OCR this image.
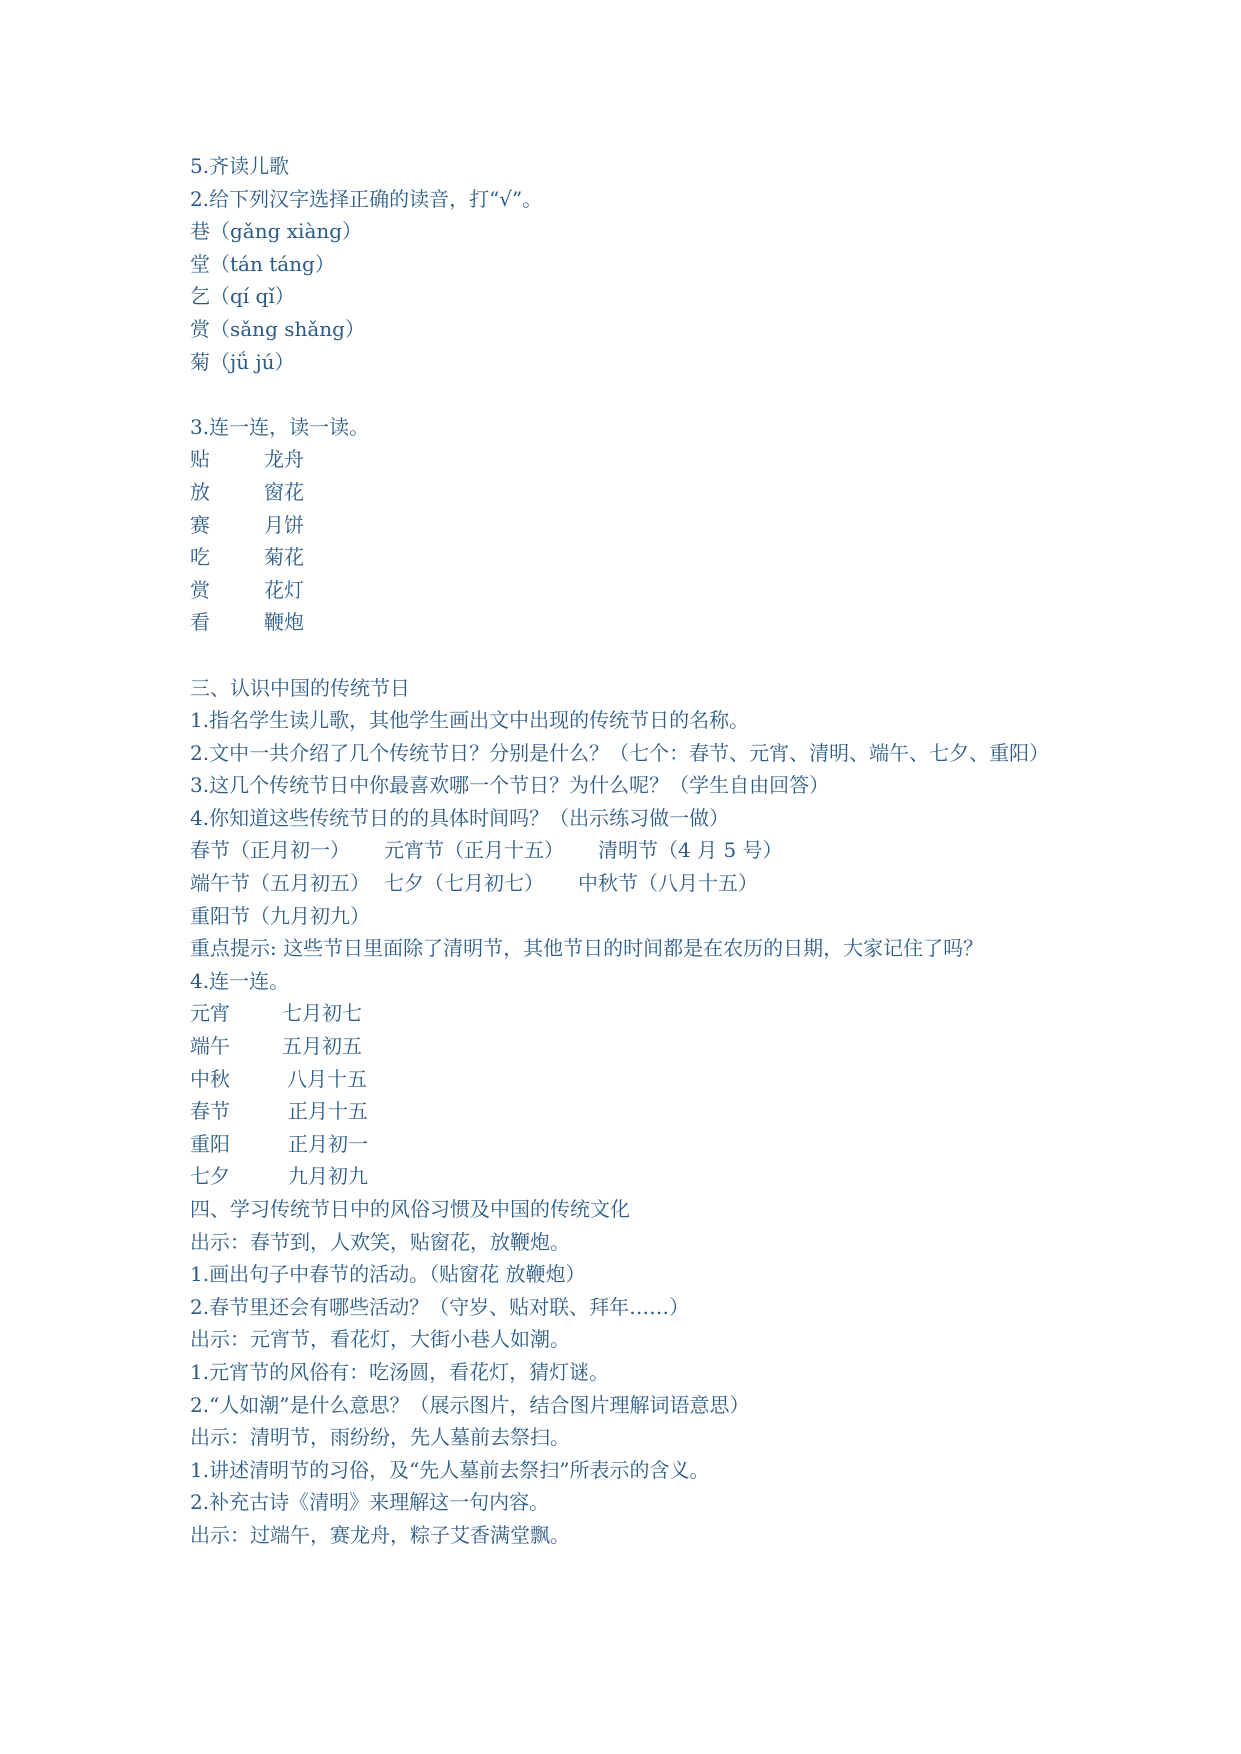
5.齐读儿歌
2.给下列汉字选择正确的读音，打“√”。
巷（gǎng xiàng）
堂（tán táng）
乞（qí qǐ）
赏（sǎng shǎng）
菊（jǘ jú）
3.连一连，读一读。
贴	龙舟
放	窗花
赛	月饼
吃	菊花
赏	花灯
看	鞭炮
三、认识中国的传统节日
1.指名学生读儿歌，其他学生画出文中出现的传统节日的名称。
2.文中一共介绍了几个传统节日？分别是什么？（七个：春节、元宵、清明、端午、七夕、重阳）
3.这几个传统节日中你最喜欢哪一个节日？为什么呢？（学生自由回答）
4.你知道这些传统节日的的具体时间吗？（出示练习做一做）
春节（正月初一） 元宵节（正月十五） 清明节（4 月 5 号）
端午节（五月初五） 七夕（七月初七） 中秋节（八月十五）
重阳节（九月初九）
重点提示: 这些节日里面除了清明节，其他节日的时间都是在农历的日期，大家记住了吗？
4.连一连。
元宵	七月初七
端午	五月初五
中秋	八月十五
春节	正月十五
重阳	正月初一
七夕	九月初九
四、学习传统节日中的风俗习惯及中国的传统文化
出示：春节到，人欢笑，贴窗花，放鞭炮。
1.画出句子中春节的活动。（贴窗花 放鞭炮）
2.春节里还会有哪些活动？（守岁、贴对联、拜年……）
出示：元宵节，看花灯，大街小巷人如潮。
1.元宵节的风俗有：吃汤圆，看花灯，猜灯谜。
2.“人如潮”是什么意思？（展示图片，结合图片理解词语意思）
出示：清明节，雨纷纷，先人墓前去祭扫。
1.讲述清明节的习俗，及“先人墓前去祭扫”所表示的含义。
2.补充古诗《清明》来理解这一句内容。
出示：过端午，赛龙舟，粽子艾香满堂飘。
